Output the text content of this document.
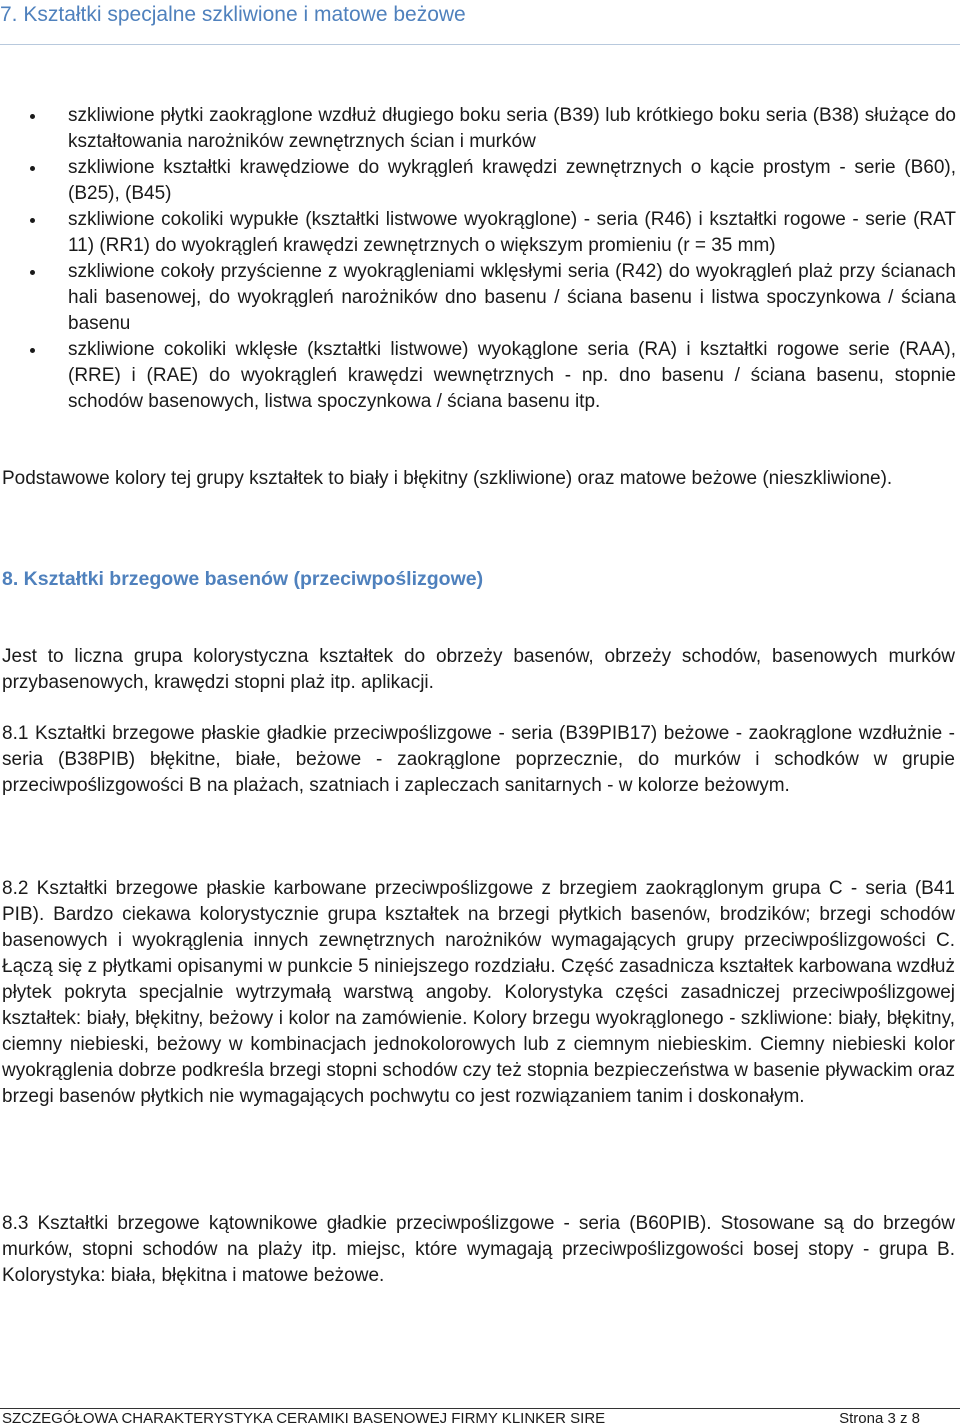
7. Kształtki specjalne szkliwione i matowe beżowe
szkliwione płytki zaokrąglone wzdłuż długiego boku seria (B39) lub krótkiego boku seria (B38) służące do kształtowania narożników zewnętrznych ścian i murków
szkliwione kształtki krawędziowe do wykrągleń krawędzi zewnętrznych o kącie prostym - serie (B60), (B25), (B45)
szkliwione cokoliki wypukłe (kształtki listwowe wyokrąglone) - seria (R46) i kształtki rogowe - serie (RAT 11) (RR1) do wyokrągleń krawędzi zewnętrznych o większym promieniu (r = 35 mm)
szkliwione cokoły przyścienne z wyokrągleniami wklęsłymi seria (R42) do wyokrągleń plaż przy ścianach hali basenowej, do wyokrągleń narożników dno basenu / ściana basenu i listwa spoczynkowa / ściana basenu
szkliwione cokoliki wklęsłe (kształtki listwowe) wyokąglone seria (RA) i kształtki rogowe serie (RAA), (RRE) i (RAE) do wyokrągleń krawędzi wewnętrznych - np. dno basenu / ściana basenu, stopnie schodów basenowych, listwa spoczynkowa / ściana basenu itp.

Podstawowe kolory tej grupy kształtek to biały i błękitny (szkliwione) oraz matowe beżowe (nieszkliwione).

8. Kształtki brzegowe basenów (przeciwpoślizgowe)

Jest to liczna grupa kolorystyczna kształtek do obrzeży basenów, obrzeży schodów, basenowych murków przybasenowych, krawędzi stopni plaż itp. aplikacji.

8.1 Kształtki brzegowe płaskie gładkie przeciwpoślizgowe - seria (B39PIB17) beżowe - zaokrąglone wzdłużnie - seria (B38PIB) błękitne, białe, beżowe - zaokrąglone poprzecznie, do murków i schodków w grupie przeciwpoślizgowości B na plażach, szatniach i zapleczach sanitarnych - w kolorze beżowym.

8.2 Kształtki brzegowe płaskie karbowane przeciwpoślizgowe z brzegiem zaokrąglonym grupa C - seria (B41 PIB). Bardzo ciekawa kolorystycznie grupa kształtek na brzegi płytkich basenów, brodzików; brzegi schodów basenowych i wyokrąglenia innych zewnętrznych narożników wymagających grupy przeciwpoślizgowości C. Łączą się z płytkami opisanymi w punkcie 5 niniejszego rozdziału. Część zasadnicza kształtek karbowana wzdłuż płytek pokryta specjalnie wytrzymałą warstwą angoby. Kolorystyka części zasadniczej przeciwpoślizgowej kształtek: biały, błękitny, beżowy i kolor na zamówienie. Kolory brzegu wyokrąglonego - szkliwione: biały, błękitny, ciemny niebieski, beżowy w kombinacjach jednokolorowych lub z ciemnym niebieskim. Ciemny niebieski kolor wyokrąglenia dobrze podkreśla brzegi stopni schodów czy też stopnia bezpieczeństwa w basenie pływackim oraz brzegi basenów płytkich nie wymagających pochwytu co jest rozwiązaniem tanim i doskonałym.

8.3 Kształtki brzegowe kątownikowe gładkie przeciwpoślizgowe - seria (B60PIB). Stosowane są do brzegów murków, stopni schodów na plaży itp. miejsc, które wymagają przeciwpoślizgowości bosej stopy - grupa B. Kolorystyka: biała, błękitna i matowe beżowe.

SZCZEGÓŁOWA CHARAKTERYSTYKA CERAMIKI BASENOWEJ FIRMY KLINKER SIRE	Strona 3 z 8
